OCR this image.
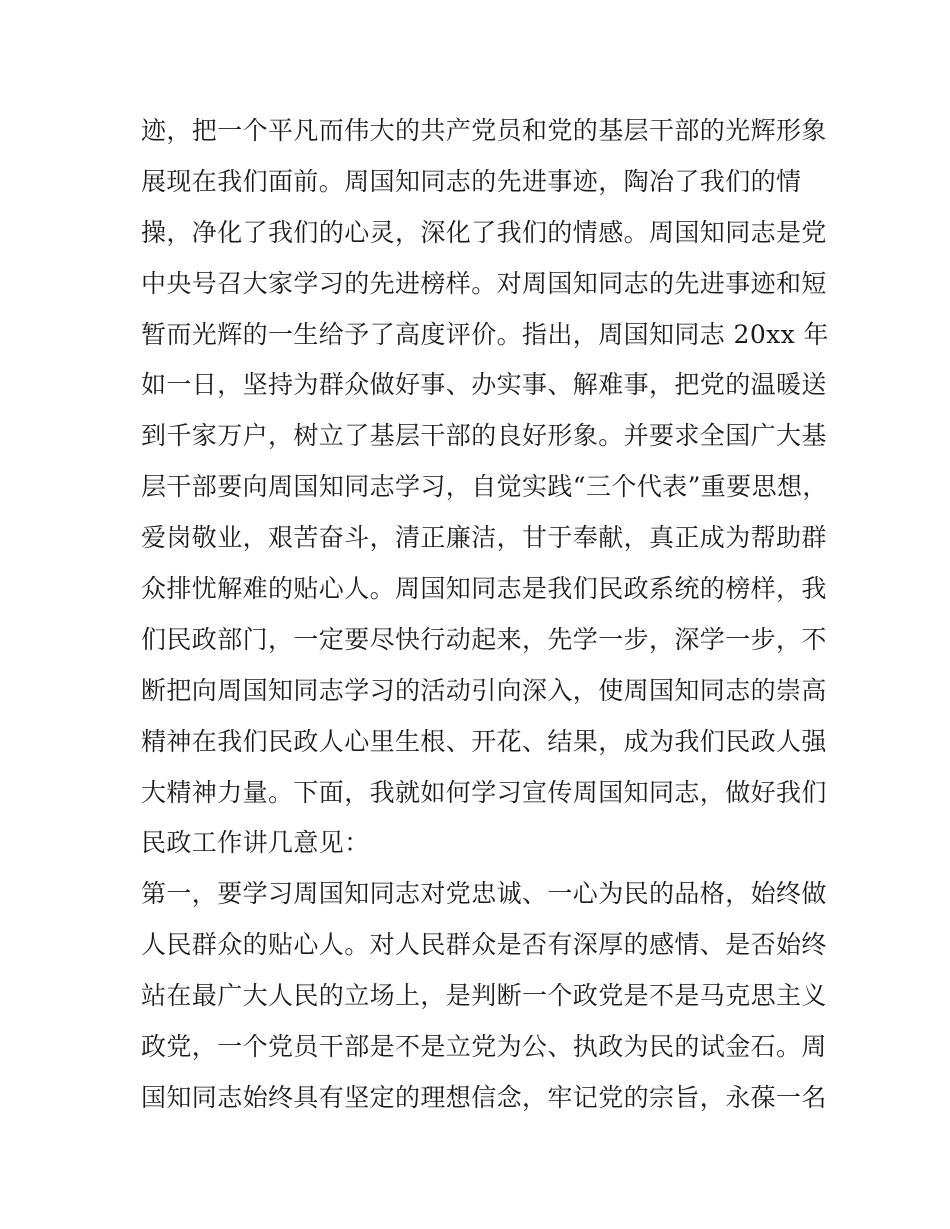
迹，把一个平凡而伟大的共产党员和党的基层干部的光辉形象
展现在我们面前。周国知同志的先进事迹，陶冶了我们的情
操，净化了我们的心灵，深化了我们的情感。周国知同志是党
中央号召大家学习的先进榜样。对周国知同志的先进事迹和短
暂而光辉的一生给予了高度评价。指出，周国知同志 20xx 年
如一日，坚持为群众做好事、办实事、解难事，把党的温暖送
到千家万户，树立了基层干部的良好形象。并要求全国广大基
层干部要向周国知同志学习，自觉实践“三个代表”重要思想，
爱岗敬业，艰苦奋斗，清正廉洁，甘于奉献，真正成为帮助群
众排忧解难的贴心人。周国知同志是我们民政系统的榜样，我
们民政部门，一定要尽快行动起来，先学一步，深学一步，不
断把向周国知同志学习的活动引向深入，使周国知同志的崇高
精神在我们民政人心里生根、开花、结果，成为我们民政人强
大精神力量。下面，我就如何学习宣传周国知同志，做好我们
民政工作讲几意见：
第一，要学习周国知同志对党忠诚、一心为民的品格，始终做
人民群众的贴心人。对人民群众是否有深厚的感情、是否始终
站在最广大人民的立场上，是判断一个政党是不是马克思主义
政党，一个党员干部是不是立党为公、执政为民的试金石。周
国知同志始终具有坚定的理想信念，牢记党的宗旨，永葆一名
